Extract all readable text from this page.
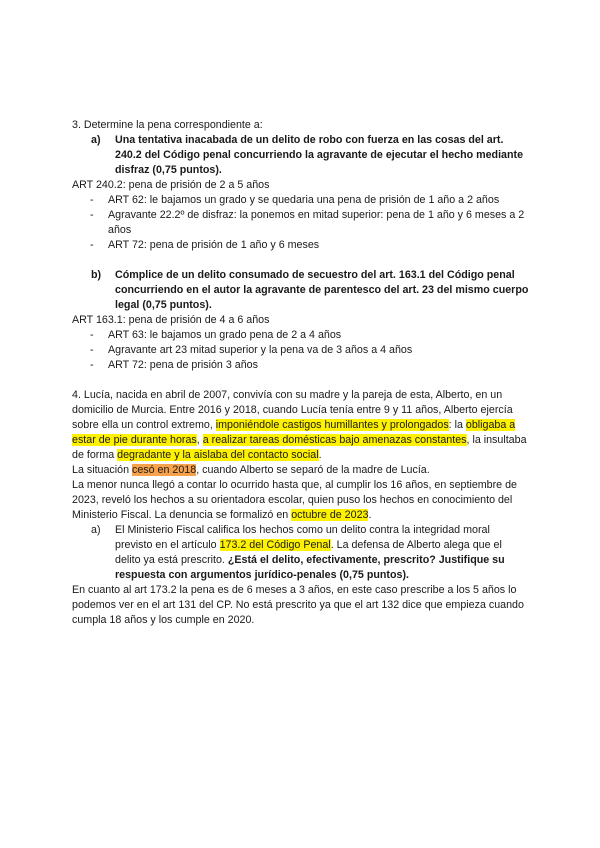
3. Determine la pena correspondiente a:

a)	Una tentativa inacabada de un delito de robo con fuerza en las cosas del art. 240.2 del Código penal concurriendo la agravante de ejecutar el hecho mediante disfraz (0,75 puntos).

ART 240.2: pena de prisión de 2 a 5 años

-	ART 62: le bajamos un grado y se quedaria una pena de prisión de 1 año a 2 años
-	Agravante 22.2º de disfraz: la ponemos en mitad superior: pena de 1 año y 6 meses a 2 años
-	ART 72: pena de prisión de 1 año y 6 meses
b)	Cómplice de un delito consumado de secuestro del art. 163.1 del Código penal concurriendo en el autor la agravante de parentesco del art. 23 del mismo cuerpo legal (0,75 puntos).

ART 163.1: pena de prisión de 4 a 6 años

-	ART 63: le bajamos un grado pena de 2 a 4 años
-	Agravante art 23 mitad superior y la pena va de 3 años a 4 años
-	ART 72: pena de prisión 3 años

4. Lucía, nacida en abril de 2007, convivía con su madre y la pareja de esta, Alberto, en un domicilio de Murcia. Entre 2016 y 2018, cuando Lucía tenía entre 9 y 11 años, Alberto ejercía sobre ella un control extremo, imponiéndole castigos humillantes y prolongados: la obligaba a estar de pie durante horas, a realizar tareas domésticas bajo amenazas constantes, la insultaba de forma degradante y la aislaba del contacto social.

La situación cesó en 2018, cuando Alberto se separó de la madre de Lucía.

La menor nunca llegó a contar lo ocurrido hasta que, al cumplir los 16 años, en septiembre de 2023, reveló los hechos a su orientadora escolar, quien puso los hechos en conocimiento del Ministerio Fiscal. La denuncia se formalizó en octubre de 2023.

a)	El Ministerio Fiscal califica los hechos como un delito contra la integridad moral previsto en el artículo 173.2 del Código Penal. La defensa de Alberto alega que el delito ya está prescrito. ¿Está el delito, efectivamente, prescrito? Justifique su respuesta con argumentos jurídico-penales (0,75 puntos).

En cuanto al art 173.2 la pena es de 6 meses a 3 años, en este caso prescribe a los 5 años lo podemos ver en el art 131 del CP. No está prescrito ya que el art 132 dice que empieza cuando cumpla 18 años y los cumple en 2020.
